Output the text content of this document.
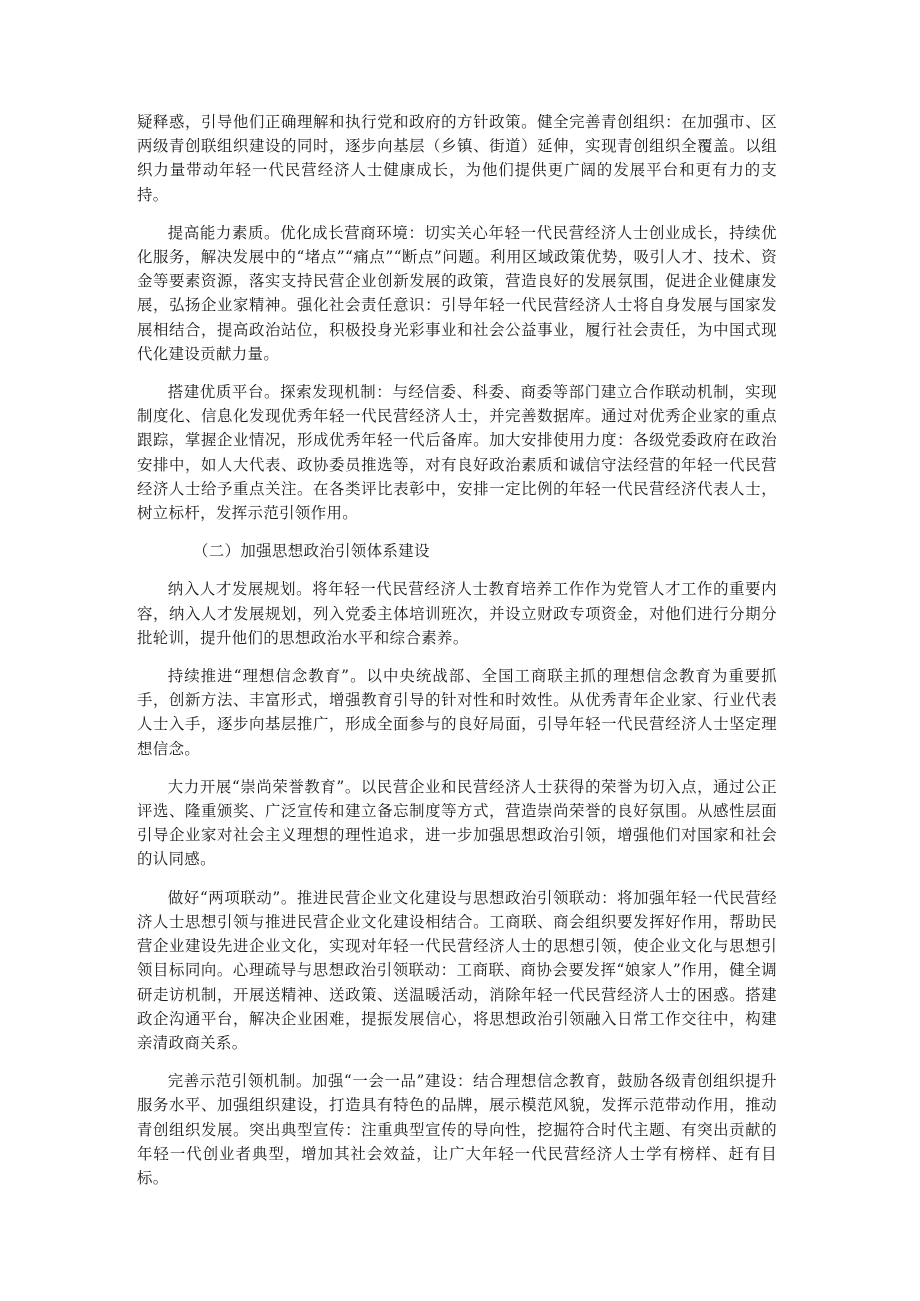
疑释惑，引导他们正确理解和执行党和政府的方针政策。健全完善青创组织：在加强市、区两级青创联组织建设的同时，逐步向基层（乡镇、街道）延伸，实现青创组织全覆盖。以组织力量带动年轻一代民营经济人士健康成长，为他们提供更广阔的发展平台和更有力的支持。

提高能力素质。优化成长营商环境：切实关心年轻一代民营经济人士创业成长，持续优化服务，解决发展中的“堵点”“痛点”“断点”问题。利用区域政策优势，吸引人才、技术、资金等要素资源，落实支持民营企业创新发展的政策，营造良好的发展氛围，促进企业健康发展，弘扬企业家精神。强化社会责任意识：引导年轻一代民营经济人士将自身发展与国家发展相结合，提高政治站位，积极投身光彩事业和社会公益事业，履行社会责任，为中国式现代化建设贡献力量。

搭建优质平台。探索发现机制：与经信委、科委、商委等部门建立合作联动机制，实现制度化、信息化发现优秀年轻一代民营经济人士，并完善数据库。通过对优秀企业家的重点跟踪，掌握企业情况，形成优秀年轻一代后备库。加大安排使用力度：各级党委政府在政治安排中，如人大代表、政协委员推选等，对有良好政治素质和诚信守法经营的年轻一代民营经济人士给予重点关注。在各类评比表彰中，安排一定比例的年轻一代民营经济代表人士，树立标杆，发挥示范引领作用。

（二）加强思想政治引领体系建设

纳入人才发展规划。将年轻一代民营经济人士教育培养工作作为党管人才工作的重要内容，纳入人才发展规划，列入党委主体培训班次，并设立财政专项资金，对他们进行分期分批轮训，提升他们的思想政治水平和综合素养。

持续推进“理想信念教育”。以中央统战部、全国工商联主抓的理想信念教育为重要抓手，创新方法、丰富形式，增强教育引导的针对性和时效性。从优秀青年企业家、行业代表人士入手，逐步向基层推广，形成全面参与的良好局面，引导年轻一代民营经济人士坚定理想信念。

大力开展“崇尚荣誉教育”。以民营企业和民营经济人士获得的荣誉为切入点，通过公正评选、隆重颁奖、广泛宣传和建立备忘制度等方式，营造崇尚荣誉的良好氛围。从感性层面引导企业家对社会主义理想的理性追求，进一步加强思想政治引领，增强他们对国家和社会的认同感。

做好“两项联动”。推进民营企业文化建设与思想政治引领联动：将加强年轻一代民营经济人士思想引领与推进民营企业文化建设相结合。工商联、商会组织要发挥好作用，帮助民营企业建设先进企业文化，实现对年轻一代民营经济人士的思想引领，使企业文化与思想引领目标同向。心理疏导与思想政治引领联动：工商联、商协会要发挥“娘家人”作用，健全调研走访机制，开展送精神、送政策、送温暖活动，消除年轻一代民营经济人士的困惑。搭建政企沟通平台，解决企业困难，提振发展信心，将思想政治引领融入日常工作交往中，构建亲清政商关系。

完善示范引领机制。加强“一会一品”建设：结合理想信念教育，鼓励各级青创组织提升服务水平、加强组织建设，打造具有特色的品牌，展示模范风貌，发挥示范带动作用，推动青创组织发展。突出典型宣传：注重典型宣传的导向性，挖掘符合时代主题、有突出贡献的年轻一代创业者典型，增加其社会效益，让广大年轻一代民营经济人士学有榜样、赶有目标。
